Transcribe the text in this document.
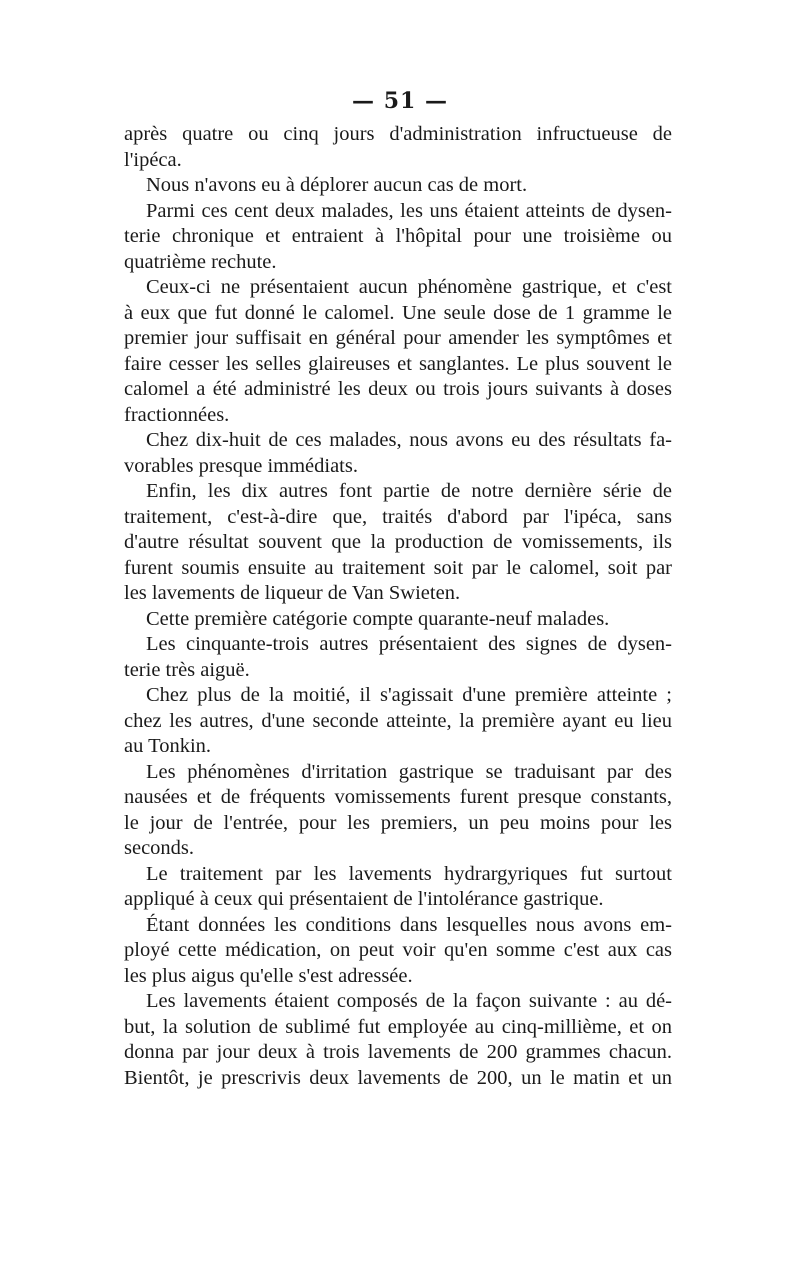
— 51 —
après quatre ou cinq jours d'administration infructueuse de
l'ipéca.
Nous n'avons eu à déplorer aucun cas de mort.
Parmi ces cent deux malades, les uns étaient atteints de dysen-
terie chronique et entraient à l'hôpital pour une troisième ou
quatrième rechute.
Ceux-ci ne présentaient aucun phénomène gastrique, et c'est
à eux que fut donné le calomel. Une seule dose de 1 gramme le
premier jour suffisait en général pour amender les symptômes et
faire cesser les selles glaireuses et sanglantes. Le plus souvent le
calomel a été administré les deux ou trois jours suivants à doses
fractionnées.
Chez dix-huit de ces malades, nous avons eu des résultats fa-
vorables presque immédiats.
Enfin, les dix autres font partie de notre dernière série de
traitement, c'est-à-dire que, traités d'abord par l'ipéca, sans
d'autre résultat souvent que la production de vomissements, ils
furent soumis ensuite au traitement soit par le calomel, soit par
les lavements de liqueur de Van Swieten.
Cette première catégorie compte quarante-neuf malades.
Les cinquante-trois autres présentaient des signes de dysen-
terie très aiguë.
Chez plus de la moitié, il s'agissait d'une première atteinte ;
chez les autres, d'une seconde atteinte, la première ayant eu lieu
au Tonkin.
Les phénomènes d'irritation gastrique se traduisant par des
nausées et de fréquents vomissements furent presque constants,
le jour de l'entrée, pour les premiers, un peu moins pour les
seconds.
Le traitement par les lavements hydrargyriques fut surtout
appliqué à ceux qui présentaient de l'intolérance gastrique.
Étant données les conditions dans lesquelles nous avons em-
ployé cette médication, on peut voir qu'en somme c'est aux cas
les plus aigus qu'elle s'est adressée.
Les lavements étaient composés de la façon suivante : au dé-
but, la solution de sublimé fut employée au cinq-millième, et on
donna par jour deux à trois lavements de 200 grammes chacun.
Bientôt, je prescrivis deux lavements de 200, un le matin et un
